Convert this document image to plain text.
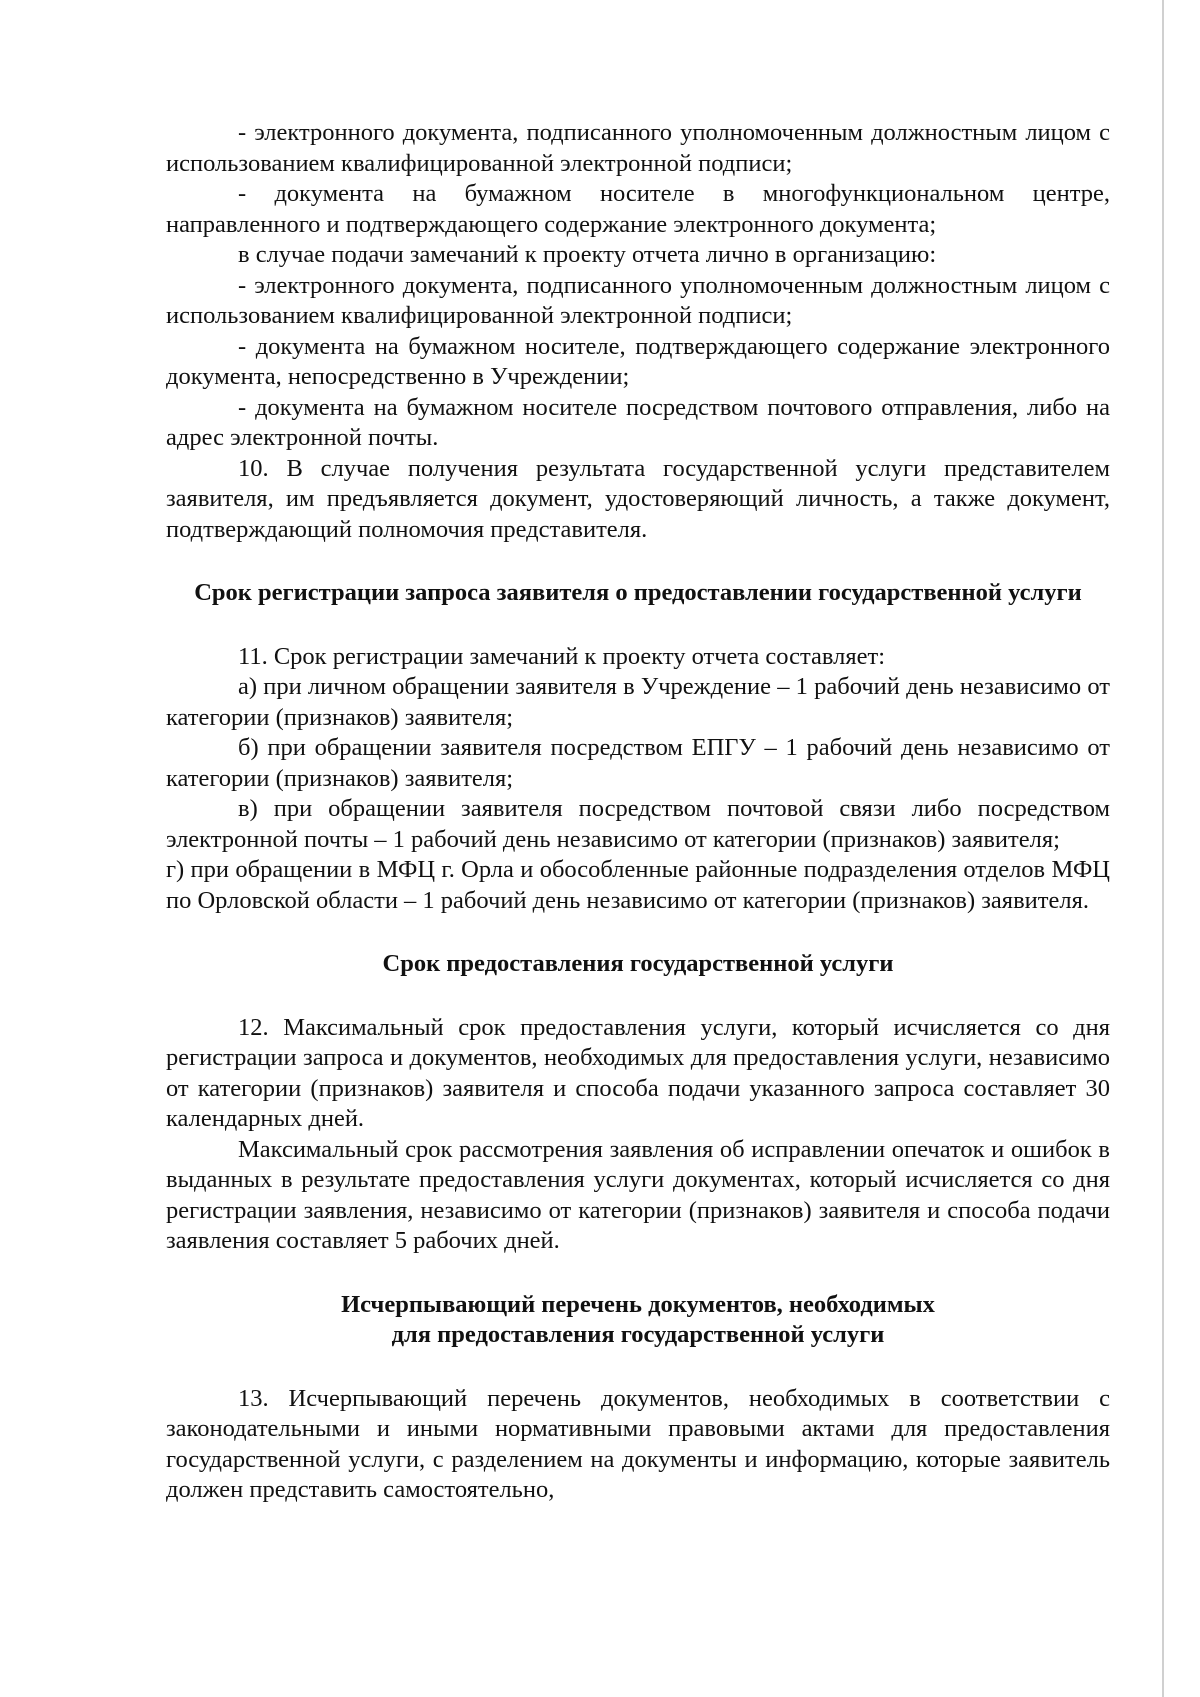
- электронного документа, подписанного уполномоченным должностным лицом с использованием квалифицированной электронной подписи;

- документа на бумажном носителе в многофункциональном центре, направленного и подтверждающего содержание электронного документа;

в случае подачи замечаний к проекту отчета лично в организацию:

- электронного документа, подписанного уполномоченным должностным лицом с использованием квалифицированной электронной подписи;

- документа на бумажном носителе, подтверждающего содержание электронного документа, непосредственно в Учреждении;

- документа на бумажном носителе посредством почтового отправления, либо на адрес электронной почты.

10. В случае получения результата государственной услуги представителем заявителя, им предъявляется документ, удостоверяющий личность, а также документ, подтверждающий полномочия представителя.

Срок регистрации запроса заявителя о предоставлении государственной услуги

11. Срок регистрации замечаний к проекту отчета составляет:

а) при личном обращении заявителя в Учреждение – 1 рабочий день независимо от категории (признаков) заявителя;

б) при обращении заявителя посредством ЕПГУ – 1 рабочий день независимо от категории (признаков) заявителя;

в) при обращении заявителя посредством почтовой связи либо посредством электронной почты – 1 рабочий день независимо от категории (признаков) заявителя;

г) при обращении в МФЦ г. Орла и обособленные районные подразделения отделов МФЦ по Орловской области – 1 рабочий день независимо от категории (признаков) заявителя.

Срок предоставления государственной услуги

12. Максимальный срок предоставления услуги, который исчисляется со дня регистрации запроса и документов, необходимых для предоставления услуги, независимо от категории (признаков) заявителя и способа подачи указанного запроса составляет 30 календарных дней.

Максимальный срок рассмотрения заявления об исправлении опечаток и ошибок в выданных в результате предоставления услуги документах, который исчисляется со дня регистрации заявления, независимо от категории (признаков) заявителя и способа подачи заявления составляет 5 рабочих дней.

Исчерпывающий перечень документов, необходимых

для предоставления государственной услуги

13. Исчерпывающий перечень документов, необходимых в соответствии с законодательными и иными нормативными правовыми актами для предоставления государственной услуги, с разделением на документы и информацию, которые заявитель должен представить самостоятельно,
